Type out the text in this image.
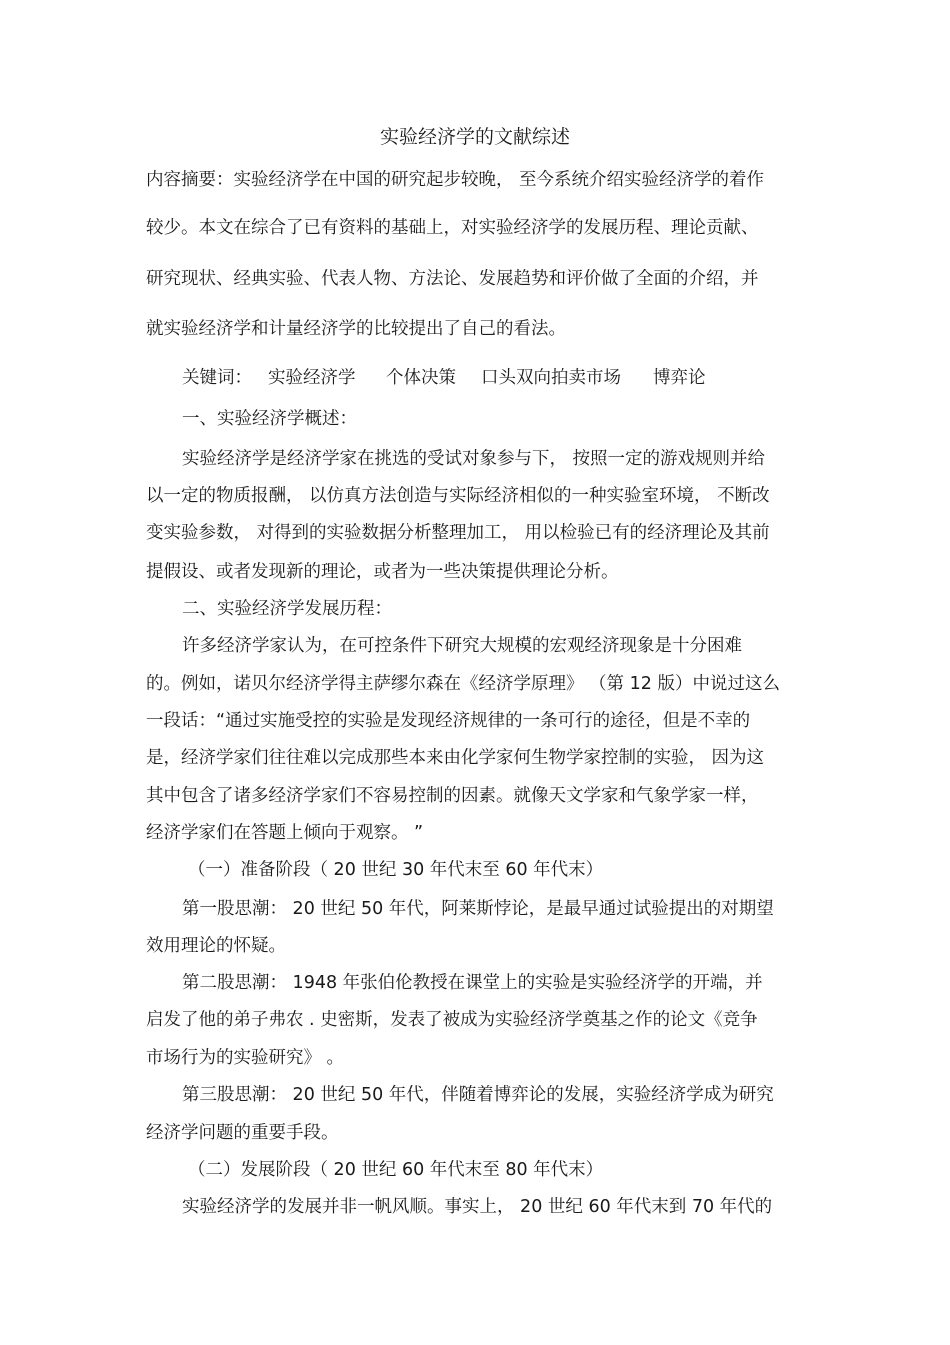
实验经济学的文献综述
内容摘要：实验经济学在中国的研究起步较晚， 至今系统介绍实验经济学的着作
较少。本文在综合了已有资料的基础上，对实验经济学的发展历程、理论贡献、
研究现状、经典实验、代表人物、方法论、发展趋势和评价做了全面的介绍，并
就实验经济学和计量经济学的比较提出了自己的看法。
关键词： 实验经济学 个体决策 口头双向拍卖市场 博弈论
一、实验经济学概述：
实验经济学是经济学家在挑选的受试对象参与下， 按照一定的游戏规则并给
以一定的物质报酬， 以仿真方法创造与实际经济相似的一种实验室环境， 不断改
变实验参数， 对得到的实验数据分析整理加工， 用以检验已有的经济理论及其前
提假设、或者发现新的理论，或者为一些决策提供理论分析。
二、实验经济学发展历程：
许多经济学家认为，在可控条件下研究大规模的宏观经济现象是十分困难
的。例如，诺贝尔经济学得主萨缪尔森在《经济学原理》 （第 12 版）中说过这么
一段话：“通过实施受控的实验是发现经济规律的一条可行的途径，但是不幸的
是，经济学家们往往难以完成那些本来由化学家何生物学家控制的实验， 因为这
其中包含了诸多经济学家们不容易控制的因素。就像天文学家和气象学家一样，
经济学家们在答题上倾向于观察。 ”
（一）准备阶段（ 20 世纪 30 年代末至 60 年代末）
第一股思潮： 20 世纪 50 年代，阿莱斯悖论，是最早通过试验提出的对期望
效用理论的怀疑。
第二股思潮： 1948 年张伯伦教授在课堂上的实验是实验经济学的开端，并
启发了他的弟子弗农 . 史密斯，发表了被成为实验经济学奠基之作的论文《竞争
市场行为的实验研究》 。
第三股思潮： 20 世纪 50 年代，伴随着博弈论的发展，实验经济学成为研究
经济学问题的重要手段。
（二）发展阶段（ 20 世纪 60 年代末至 80 年代末）
实验经济学的发展并非一帆风顺。事实上， 20 世纪 60 年代末到 70 年代的
